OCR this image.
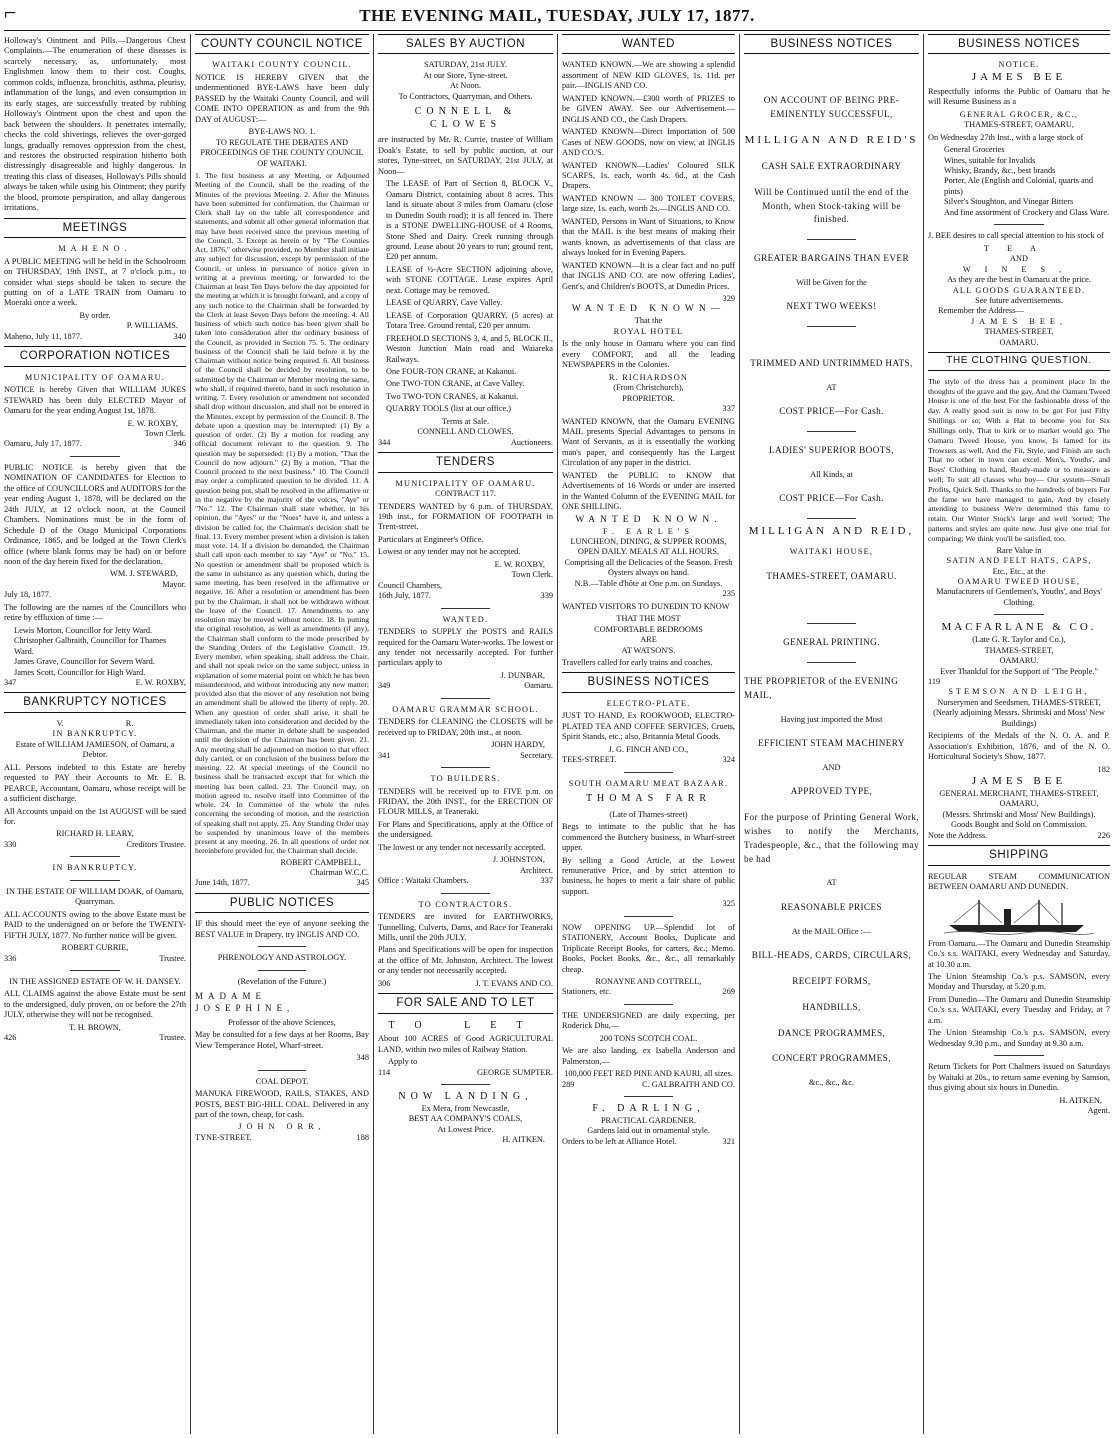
⌐	THE EVENING MAIL, TUESDAY, JULY 17, 1877.
Holloway's Ointment and Pills.—Dangerous Chest Complaints.—The enumeration of these diseases is scarcely necessary, as, unfortunately, most Englishmen know them to their cost. Coughs, common colds, influenza, bronchitis, asthma, pleurisy, inflammation of the lungs, and even consumption in its early stages, are successfully treated by rubbing Holloway's Ointment upon the chest and upon the back between the shoulders. It penetrates internally, checks the cold shiverings, relieves the over-gorged lungs, gradually removes oppression from the chest, and restores the obstructed respiration hitherto both distressingly disagreeable and highly dangerous. In treating this class of diseases, Holloway's Pills should always be taken while using his Ointment; they purify the blood, promote perspiration, and allay dangerous irritations.
MEETINGS
MAHENO.
A PUBLIC MEETING will be held in the Schoolroom on THURSDAY, 19th INST., at 7 o'clock p.m., to consider what steps should be taken to secure the putting on of a LATE TRAIN from Oamaru to Moeraki once a week.
By order.
P. WILLIAMS.
Maheno, July 11, 1877.	340
CORPORATION NOTICES
MUNICIPALITY OF OAMARU.
NOTICE is hereby Given that WILLIAM JUKES STEWARD has been duly ELECTED Mayor of Oamaru for the year ending August 1st, 1878.
E. W. ROXBY,
Town Clerk.
Oamaru, July 17, 1877.	346
PUBLIC NOTICE is hereby given that the NOMINATION OF CANDIDATES for Election to the office of COUNCILLORS and AUDITORS for the year ending August 1, 1878, will be declared on the 24th JULY, at 12 o'clock noon, at the Council Chambers. Nominations must be in the form of Schedule D of the Otago Municipal Corporations Ordinance, 1865, and be lodged at the Town Clerk's office (where blank forms may be had) on or before noon of the day herein fixed for the declaration.
WM. J. STEWARD,
Mayor.
July 18, 1877.
The following are the names of the Councillors who retire by effluxion of time :—
Lewis Morton, Councillor for Jetty Ward.
Christopher Galbraith, Councillor for Thames Ward.
James Grave, Councillor for Severn Ward.
James Scott, Councillor for High Ward.
347	E. W. ROXBY,
BANKRUPTCY NOTICES
V. R.
IN BANKRUPTCY.
Estate of WILLIAM JAMIESON, of Oamaru, a Debtor.
ALL Persons indebted to this Estate are hereby requested to PAY their Accounts to Mr. E. B. PEARCE, Accountant, Oamaru, whose receipt will be a sufficient discharge.
All Accounts unpaid on the 1st AUGUST will be sued for.
RICHARD H. LEARY,
330	Creditors Trustee.
IN BANKRUPTCY.
IN THE ESTATE OF WILLIAM DOAK, of Oamaru, Quarryman.
ALL ACCOUNTS owing to the above Estate must be PAID to the undersigned on or before the TWENTY-FIFTH JULY, 1877. No further notice will be given.
ROBERT CURRIE,
336	Trustee.
IN THE ASSIGNED ESTATE OF W. H. DANSEY.
ALL CLAIMS against the above Estate must be sent to the undersigned, duly proven, on or before the 27th JULY, otherwise they will not be recognised.
T. H. BROWN,
426	Trustee.
COUNTY COUNCIL NOTICE
WAITAKI COUNTY COUNCIL.
NOTICE IS HEREBY GIVEN that the undermentioned BYE-LAWS have been duly PASSED by the Waitaki County Council, and will COME INTO OPERATION as and from the 9th DAY of AUGUST:—
BYE-LAWS NO. 1.
TO REGULATE THE DEBATES AND PROCEEDINGS OF THE COUNTY COUNCIL OF WAITAKI.
1. The first business at any Meeting, or Adjourned Meeting of the Council, shall be the reading of the Minutes of the previous Meeting. 2. After the Minutes have been submitted for confirmation, the Chairman or Clerk shall lay on the table all correspondence and statements, and submit all other general information that may have been received since the previous meeting of the Council. 3. Except as herein or by "The Counties Act, 1876," otherwise provided, no Member shall initiate any subject for discussion, except by permission of the Council, or unless in pursuance of notice given in writing at a previous meeting, or forwarded to the Chairman at least Ten Days before the day appointed for the meeting at which it is brought forward, and a copy of any such notice to the Chairman shall be forwarded by the Clerk at least Seven Days before the meeting. 4. All business of which such notice has been given shall be taken into consideration after the ordinary business of the Council, as provided in Section 75. 5. The ordinary business of the Council shall be laid before it by the Chairman without notice being required. 6. All business of the Council shall be decided by resolution, to be submitted by the Chairman or Member moving the same, who shall, if required thereto, hand in such resolution in writing. 7. Every resolution or amendment not seconded shall drop without discussion, and shall not be entered in the Minutes, except by permission of the Council. 8. The debate upon a question may be interrupted: (1) By a question of order. (2) By a motion for reading any official document relevant to the question. 9. The question may be superseded: (1) By a motion, "That the Council do now adjourn." (2) By a motion, "That the Council proceed to the next business." 10. The Council may order a complicated question to be divided. 11. A question being put, shall be resolved in the affirmative or in the negative by the majority of the voices, "Aye" or "No." 12. The Chairman shall state whether, in his opinion, the "Ayes" or the "Noes" have it, and unless a division be called for, the Chairman's decision shall be final. 13. Every member present when a division is taken must vote. 14. If a division be demanded, the Chairman shall call upon each member to say "Aye" or "No." 15. No question or amendment shall be proposed which is the same in substance as any question which, during the same meeting, has been resolved in the affirmative or negative. 16. After a resolution or amendment has been put by the Chairman, it shall not be withdrawn without the leave of the Council. 17. Amendments to any resolution may be moved without notice. 18. In putting the original resolution, as well as amendments (if any), the Chairman shall conform to the mode prescribed by the Standing Orders of the Legislative Council. 19. Every member, when speaking, shall address the Chair, and shall not speak twice on the same subject, unless in explanation of some material point on which he has been misunderstood, and without introducing any new matter; provided also that the mover of any resolution not being an amendment shall be allowed the liberty of reply. 20. When any question of order shall arise, it shall be immediately taken into consideration and decided by the Chairman, and the matter in debate shall be suspended until the decision of the Chairman has been given. 21. Any meeting shall be adjourned on motion to that effect duly carried, or on conclusion of the business before the meeting. 22. At special meetings of the Council no business shall be transacted except that for which the meeting has been called. 23. The Council may, on motion agreed to, resolve itself into Committee of the whole. 24. In Committee of the whole the rules concerning the seconding of motion, and the restriction of speaking shall not apply. 25. Any Standing Order may be suspended by unanimous leave of the members present at any meeting. 26. In all questions of order not hereinbefore provided for, the Chairman shall decide.
ROBERT CAMPBELL,
Chairman W.C.C.
June 14th, 1877.	345
PUBLIC NOTICES
IF this should meet the eye of anyone seeking the BEST VALUE in Drapery, try INGLIS AND CO.
PHRENOLOGY AND ASTROLOGY.
(Revelation of the Future.)
MADAME JOSEPHINE,
Professor of the above Sciences,
May be consulted for a few days at her Rooms, Bay View Temperance Hotel, Wharf-street.
348
COAL DEPOT.
MANUKA FIREWOOD, RAILS, STAKES, AND POSTS, BEST BIG-HILL COAL. Delivered in any part of the town, cheap, for cash.
JOHN ORR,
TYNE-STREET.	188
SALES BY AUCTION
SATURDAY, 21st JULY.
At our Store, Tyne-street.
At Noon.
To Contractors, Quarryman, and Others.
CONNELL & CLOWES
are instructed by Mr. R. Currie, trustee of William Doak's Estate, to sell by public auction, at our stores, Tyne-street, on SATURDAY, 21st JULY, at Noon—
The LEASE of Part of Section 8, BLOCK V., Oamaru District, containing about 8 acres. This land is situate about 3 miles from Oamaru (close to Dunedin South road); it is all fenced in. There is a STONE DWELLING-HOUSE of 4 Rooms, Stone Shed and Dairy. Creek running through ground. Lease about 20 years to run; ground rent, £20 per annum.
LEASE of ½-Acre SECTION adjoining above, with STONE COTTAGE. Lease expires April next. Cottage may be removed.
LEASE of QUARRY, Cave Valley.
LEASE of Corporation QUARRY, (5 acres) at Totara Tree. Ground rental, £20 per annum.
FREEHOLD SECTIONS 3, 4, and 5, BLOCK II., Weston Junction Main road and Waiareka Railways.
One FOUR-TON CRANE, at Kakanui.
One TWO-TON CRANE, at Cave Valley.
Two TWO-TON CRANES, at Kakanui.
QUARRY TOOLS (list at our office.)
Terms at Sale.
CONNELL AND CLOWES.
344	Auctioneers.
TENDERS
MUNICIPALITY OF OAMARU.
CONTRACT 117.
TENDERS WANTED by 6 p.m. of THURSDAY, 19th inst., for FORMATION OF FOOTPATH in Trent-street.
Particulars at Engineer's Office.
Lowest or any tender may not be accepted.
E. W. ROXBY,
Town Clerk.
Council Chambers,
16th July, 1877.	339
WANTED.
TENDERS to SUPPLY the POSTS and RAILS required for the Oamaru Water-works. The lowest or any tender not necessarily accepted. For further particulars apply to
J. DUNBAR,
349	Oamaru.
OAMARU GRAMMAR SCHOOL.
TENDERS for CLEANING the CLOSETS will be received up to FRIDAY, 20th inst., at noon.
JOHN HARDY,
341	Secretary.
TO BUILDERS.
TENDERS will be received up to FIVE p.m. on FRIDAY, the 20th INST., for the ERECTION OF FLOUR MILLS, at Teaneraki.
For Plans and Specifications, apply at the Office of the undersigned.
The lowest or any tender not necessarily accepted.
J. JOHNSTON,
Architect.
Office : Waitaki Chambers.	337
TO CONTRACTORS.
TENDERS are invited for EARTHWORKS, Tunnelling, Culverts, Dams, and Race for Teaneraki Mills, until the 20th JULY.
Plans and Specifications will be open for inspection at the office of Mr. Johnston, Architect. The lowest or any tender not necessarily accepted.
306	J. T. EVANS AND CO.
FOR SALE AND TO LET
TO LET
About 100 ACRES of Good AGRICULTURAL LAND, within two miles of Railway Station.
Apply to
114	GEORGE SUMPTER.
NOW LANDING,
Ex Mera, from Newcastle,
BEST AA COMPANY'S COALS,
At Lowest Price.
H. AITKEN.
WANTED
WANTED KNOWN.—We are showing a splendid assortment of NEW KID GLOVES, 1s. 11d. per pair.—INGLIS AND CO.
WANTED KNOWN.—£300 worth of PRIZES to be GIVEN AWAY. See our Advertisement.—INGLIS AND CO., the Cash Drapers.
WANTED KNOWN—Direct Importation of 500 Cases of NEW GOODS, now on view, at INGLIS AND CO.'S.
WANTED KNOWN—Ladies' Coloured SILK SCARFS, 1s. each, worth 4s. 6d., at the Cash Drapers.
WANTED KNOWN — 300 TOILET COVERS, large size, 1s. each, worth 2s.—INGLIS AND CO.
WANTED, Persons in Want of Situations, to Know that the MAIL is the best means of making their wants known, as advertisements of that class are always looked for in Evening Papers.
WANTED KNOWN—It is a clear fact and no puff that INGLIS AND CO. are now offering Ladies', Gent's, and Children's BOOTS, at Dunedin Prices.
329
WANTED KNOWN—
That the
ROYAL HOTEL
Is the only house in Oamaru where you can find every COMFORT, and all the leading NEWSPAPERS in the Colonies.
R. RICHARDSON
(From Christchurch),
PROPRIETOR.
337
WANTED KNOWN, that the Oamaru EVENING MAIL presents Special Advantages to persons in Want of Servants, as it is essentially the working man's paper, and consequently has the Largest Circulation of any paper in the district.
WANTED the PUBLIC to KNOW that Advertisements of 16 Words or under are inserted in the Wanted Column of the EVENING MAIL for ONE SHILLING.
WANTED KNOWN.
F. EARLE'S
LUNCHEON, DINING, & SUPPER ROOMS,
OPEN DAILY. MEALS AT ALL HOURS,
Comprising all the Delicacies of the Season. Fresh Oysters always on hand.
N.B.—Table d'hôte at One p.m. on Sundays.
235
WANTED VISITORS TO DUNEDIN TO KNOW
THAT THE MOST
COMFORTABLE BEDROOMS
ARE
AT WATSON'S.
Travellers called for early trains and coaches.
BUSINESS NOTICES
ELECTRO-PLATE.
JUST TO HAND, Ex ROOKWOOD, ELECTRO-PLATED TEA AND COFFEE SERVICES, Cruets, Spirit Stands, etc.; also, Britannia Metal Goods.
J. G. FINCH AND CO.,
TEES-STREET.	324
SOUTH OAMARU MEAT BAZAAR.
THOMAS FARR
(Late of Thames-street)
Begs to intimate to the public that he has commenced the Butchery business, in Wharf-street upper.
By selling a Good Article, at the Lowest remunerative Price, and by strict attention to business, he hopes to merit a fair share of public support.
325
NOW OPENING UP.—Splendid lot of STATIONERY, Account Books, Duplicate and Triplicate Receipt Books, for carters, &c.; Memo. Books, Pocket Books, &c., &c., all remarkably cheap.
RONAYNE AND COTTRELL,
Stationers, etc.	269
THE UNDERSIGNED are daily expecting, per Roderick Dhu,—
200 TONS SCOTCH COAL.
We are also landing, ex Isabella Anderson and Palmerston,—
100,000 FEET RED PINE AND KAURI, all sizes.
289	C. GALBRAITH AND CO.
F. DARLING,
PRACTICAL GARDENER.
Gardens laid out in ornamental style.
Orders to be left at Alliance Hotel.	321
BUSINESS NOTICES
ON ACCOUNT OF BEING PRE-EMINENTLY SUCCESSFUL,
MILLIGAN AND REID'S
CASH SALE EXTRAORDINARY
Will be Continued until the end of the Month, when Stock-taking will be finished.
GREATER BARGAINS THAN EVER
Will be Given for the
NEXT TWO WEEKS!
TRIMMED AND UNTRIMMED HATS,
AT
COST PRICE—For Cash.
LADIES' SUPERIOR BOOTS,
All Kinds, at
COST PRICE—For Cash.
MILLIGAN AND REID,
WAITAKI HOUSE,
THAMES-STREET, OAMARU.
GENERAL PRINTING.
THE PROPRIETOR of the EVENING MAIL,
Having just imported the Most
EFFICIENT STEAM MACHINERY
AND
APPROVED TYPE,
For the purpose of Printing General Work, wishes to notify the Merchants, Tradespeople, &c., that the following may be had
AT
REASONABLE PRICES
At the MAIL Office :—
BILL-HEADS, CARDS, CIRCULARS,
RECEIPT FORMS,
HANDBILLS,
DANCE PROGRAMMES,
CONCERT PROGRAMMES,
&c., &c., &c.
BUSINESS NOTICES
NOTICE.
JAMES BEE
Respectfully informs the Public of Oamaru that he will Resume Business as a
GENERAL GROCER, &C.,
THAMES-STREET, OAMARU,
On Wednesday 27th Inst., with a large stock of
General Groceries
Wines, suitable for Invalids
Whisky, Brandy, &c., best brands
Porter, Ale (English and Colonial, quarts and pints)
Silver's Stoughton, and Vinegar Bitters
And fine assortment of Crockery and Glass Ware.
J. BEE desires to call special attention to his stock of
TEA
AND
WINES,
As they are the best in Oamaru at the price.
ALL GOODS GUARANTEED.
See future advertisements.
Remember the Address—
JAMES BEE,
THAMES-STREET,
OAMARU.
THE CLOTHING QUESTION.
The style of the dress has a prominent place In the thoughts of the grave and the gay, And the Oamaru Tweed House is one of the best For the fashionable dress of the day. A really good suit is now to be got For just Fifty Shillings or so; With a Hat to become you for Six Shillings only, That to kirk or to market would go. The Oamaru Tweed House, you know, Is famed for its Trowsers as well, And the Fit, Style, and Finish are such That no other in town can excel. Men's, Youths', and Boys' Clothing to hand, Ready-made or to measure as well; To suit all classes who buy— Our system—Small Profits, Quick Sell. Thanks to the hundreds of buyers For the fame we have managed to gain, And by closely attending to business We're determined this fame to retain. Our Winter Stock's large and well 'sorted; The patterns and styles are quite new. Just give one trial for comparing; We think you'll be satisfied, too.
Rare Value in
SATIN AND FELT HATS, CAPS,
Etc., Etc., at the
OAMARU TWEED HOUSE,
Manufacturers of Gentlemen's, Youths', and Boys' Clothing.
MACFARLANE & CO.
(Late G. R. Taylor and Co.),
THAMES-STREET,
OAMARU.
Ever Thankful for the Support of "The People."
119
STEMSON AND LEIGH,
Nurserymen and Seedsmen, THAMES-STREET,
(Nearly adjoining Messrs. Shrimski and Moss' New Buildings)
Recipients of the Medals of the N. O. A. and P. Association's Exhibition, 1876, and of the N. O. Horticultural Society's Show, 1877.
182
JAMES BEE
GENERAL MERCHANT, THAMES-STREET, OAMARU,
(Messrs. Shrimski and Moss' New Buildings).
Goods Bought and Sold on Commission.
Note the Address.	226
SHIPPING
REGULAR STEAM COMMUNICATION BETWEEN OAMARU AND DUNEDIN.
From Oamaru.—The Oamaru and Dunedin Steamship Co.'s s.s. WAITAKI, every Wednesday and Saturday, at 10.30 a.m.
The Union Steamship Co.'s p.s. SAMSON, every Monday and Thursday, at 5.20 p.m.
From Dunedin—The Oamaru and Dunedin Steamship Co.'s s.s. WAITAKI, every Tuesday and Friday, at 7 a.m.
The Union Steamship Co.'s p.s. SAMSON, every Wednesday 9.30 p.m., and Sunday at 9.30 a.m.
Return Tickets for Port Chalmers issued on Saturdays by Waitaki at 20s., to return same evening by Samson, thus giving about six hours in Dunedin.
H. AITKEN,
Agent.
